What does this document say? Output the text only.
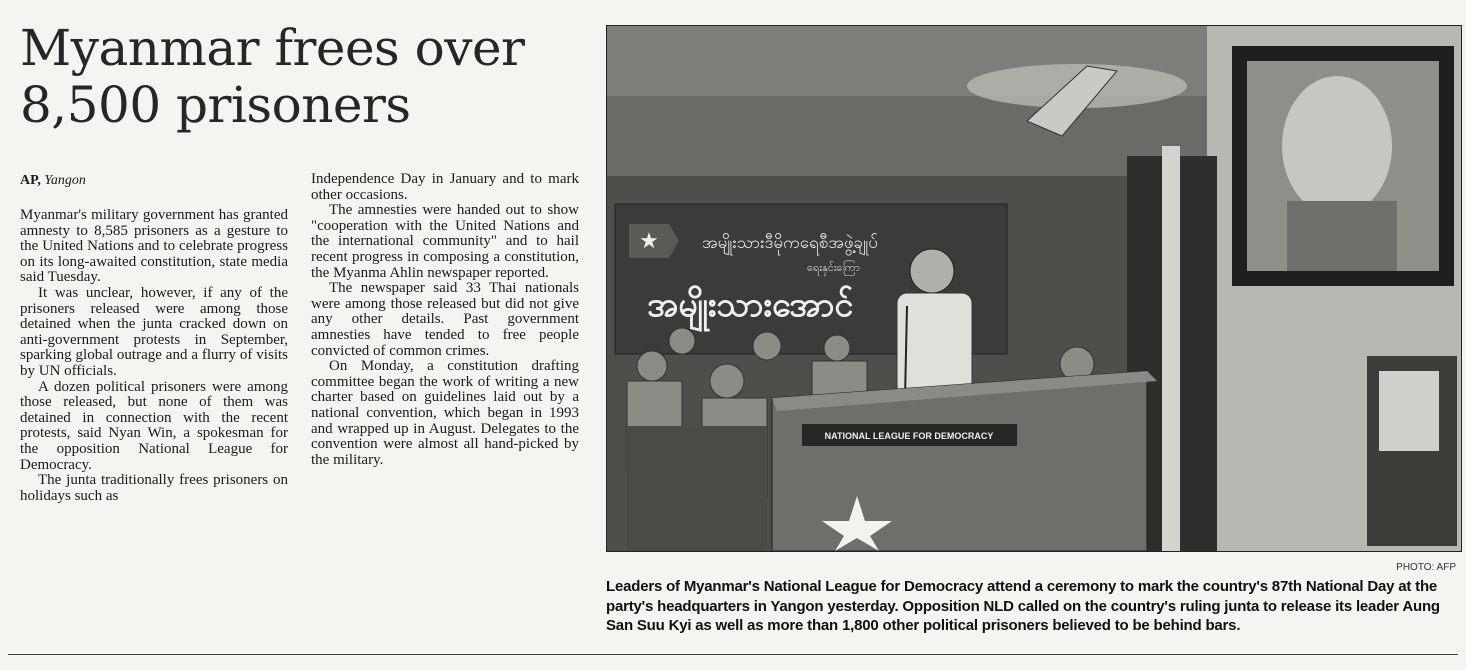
Myanmar frees over 8,500 prisoners
AP, Yangon

Myanmar's military government has granted amnesty to 8,585 prisoners as a gesture to the United Nations and to celebrate progress on its long-awaited constitution, state media said Tuesday.

It was unclear, however, if any of the prisoners released were among those detained when the junta cracked down on anti-government protests in September, sparking global outrage and a flurry of visits by UN officials.

A dozen political prisoners were among those released, but none of them was detained in connection with the recent protests, said Nyan Win, a spokesman for the opposition National League for Democracy.

The junta traditionally frees prisoners on holidays such as

Independence Day in January and to mark other occasions.

The amnesties were handed out to show "cooperation with the United Nations and the international community" and to hail recent progress in composing a constitution, the Myanma Ahlin newspaper reported.

The newspaper said 33 Thai nationals were among those released but did not give any other details. Past government amnesties have tended to free people convicted of common crimes.

On Monday, a constitution drafting committee began the work of writing a new charter based on guidelines laid out by a national convention, which began in 1993 and wrapped up in August. Delegates to the convention were almost all hand-picked by the military.

★	အမျိုးသားဒီမိုကရေစီအဖွဲ့ချုပ်
ရေးနှင်းကြော
အမျိုးသားအောင်
NATIONAL LEAGUE FOR DEMOCRACY
PHOTO: AFP

Leaders of Myanmar's National League for Democracy attend a ceremony to mark the country's 87th National Day at the party's headquarters in Yangon yesterday. Opposition NLD called on the country's ruling junta to release its leader Aung San Suu Kyi as well as more than 1,800 other political prisoners believed to be behind bars.
